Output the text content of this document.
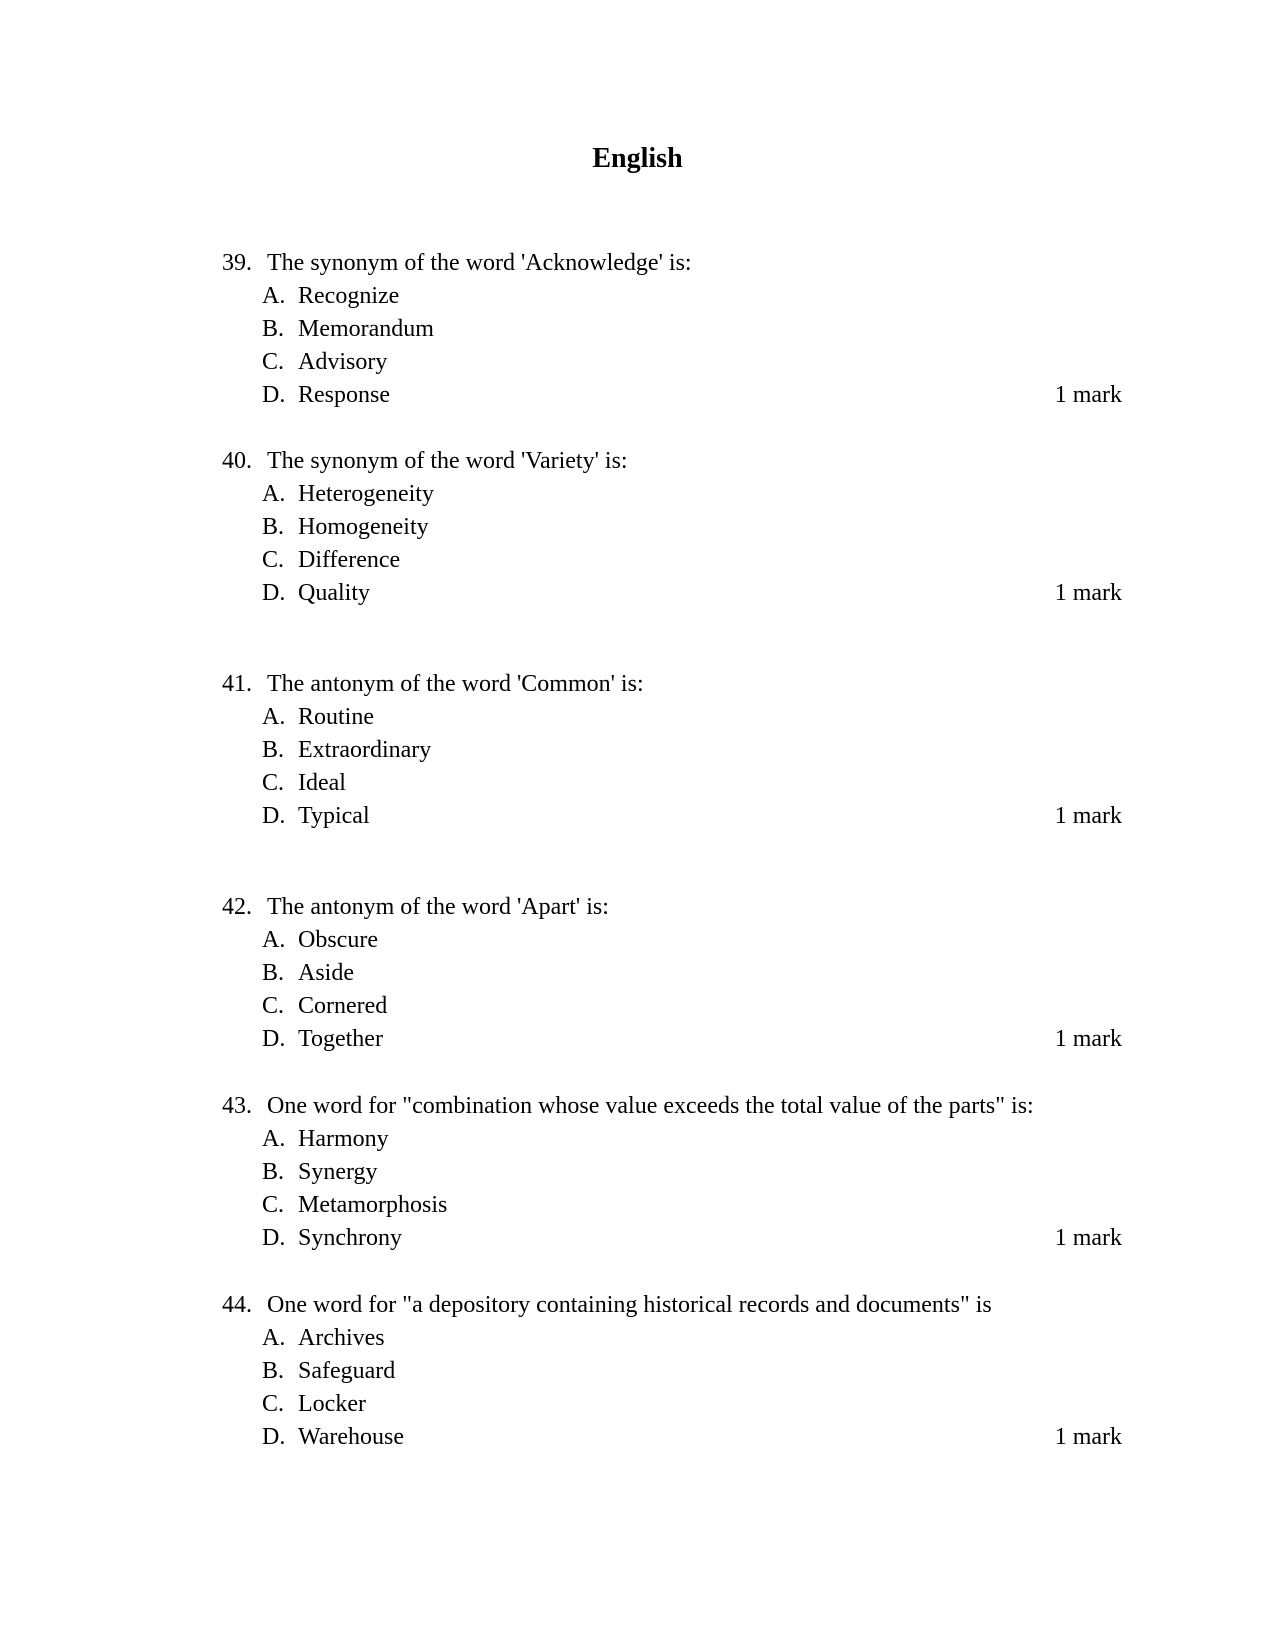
English
39. The synonym of the word 'Acknowledge' is:
A. Recognize
B. Memorandum
C. Advisory
D. Response	1 mark
40. The synonym of the word 'Variety' is:
A. Heterogeneity
B. Homogeneity
C. Difference
D. Quality	1 mark
41. The antonym of the word 'Common' is:
A. Routine
B. Extraordinary
C. Ideal
D. Typical	1 mark
42. The antonym of the word 'Apart' is:
A. Obscure
B. Aside
C. Cornered
D. Together	1 mark
43. One word for "combination whose value exceeds the total value of the parts" is:
A. Harmony
B. Synergy
C. Metamorphosis
D. Synchrony	1 mark
44. One word for "a depository containing historical records and documents" is
A. Archives
B. Safeguard
C. Locker
D. Warehouse	1 mark
